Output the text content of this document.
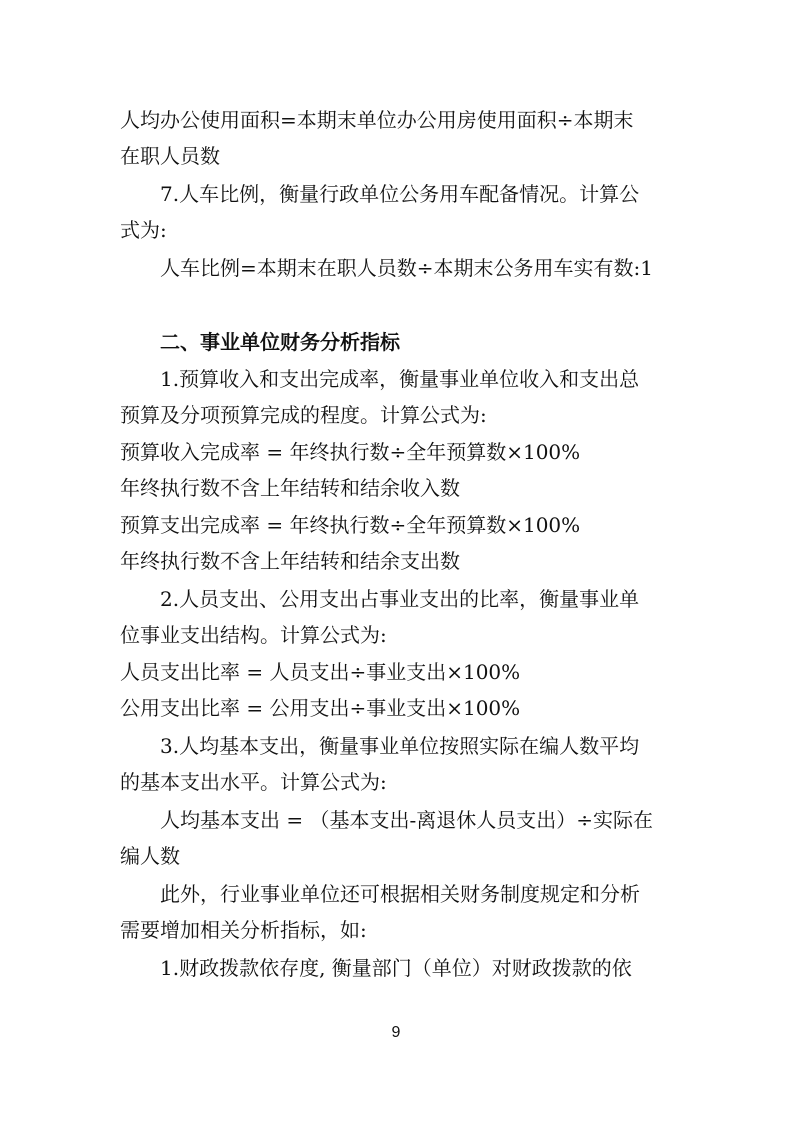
人均办公使用面积=本期末单位办公用房使用面积÷本期末
在职人员数
7.人车比例，衡量行政单位公务用车配备情况。计算公
式为:
人车比例=本期末在职人员数÷本期末公务用车实有数:1
二、事业单位财务分析指标
1.预算收入和支出完成率，衡量事业单位收入和支出总
预算及分项预算完成的程度。计算公式为:
预算收入完成率 = 年终执行数÷全年预算数×100%
年终执行数不含上年结转和结余收入数
预算支出完成率 = 年终执行数÷全年预算数×100%
年终执行数不含上年结转和结余支出数
2.人员支出、公用支出占事业支出的比率，衡量事业单
位事业支出结构。计算公式为:
人员支出比率 = 人员支出÷事业支出×100%
公用支出比率 = 公用支出÷事业支出×100%
3.人均基本支出，衡量事业单位按照实际在编人数平均
的基本支出水平。计算公式为:
人均基本支出 = （基本支出-离退休人员支出）÷实际在
编人数
此外，行业事业单位还可根据相关财务制度规定和分析
需要增加相关分析指标，如:
1.财政拨款依存度, 衡量部门（单位）对财政拨款的依
9
